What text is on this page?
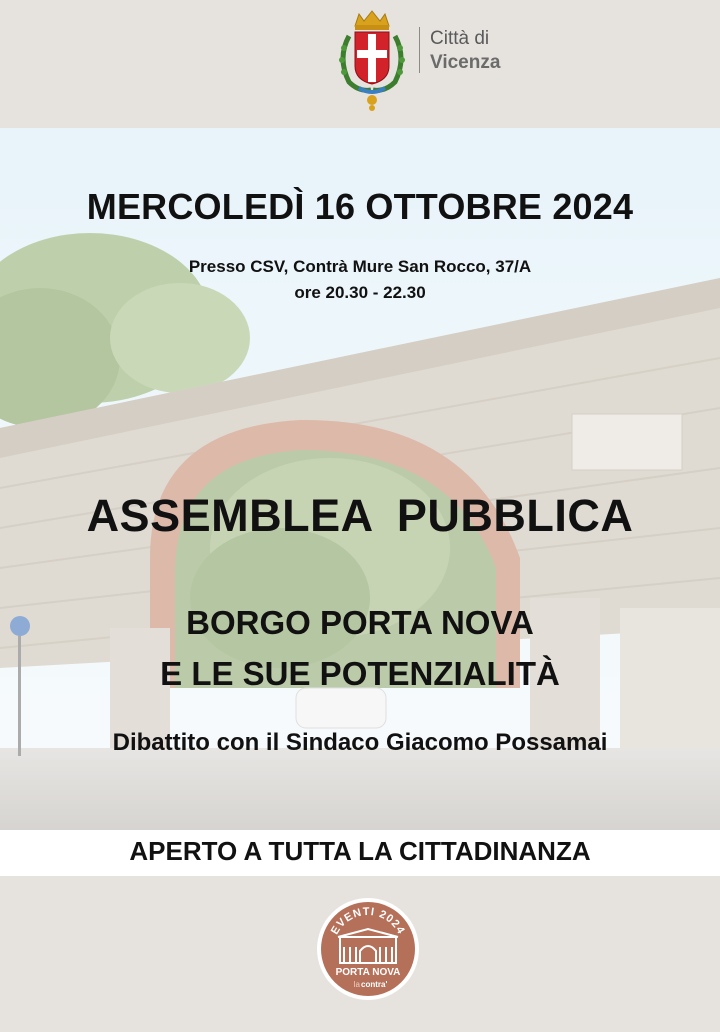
Città di
Vicenza
MERCOLEDÌ 16 OTTOBRE 2024
Presso CSV, Contrà Mure San Rocco, 37/A
ore 20.30 - 22.30
ASSEMBLEA PUBBLICA
BORGO PORTA NOVA
E LE SUE POTENZIALITÀ
Dibattito con il Sindaco Giacomo Possamai
APERTO A TUTTA LA CITTADINANZA
EVENTI 2024
PORTA NOVA
la contra'
